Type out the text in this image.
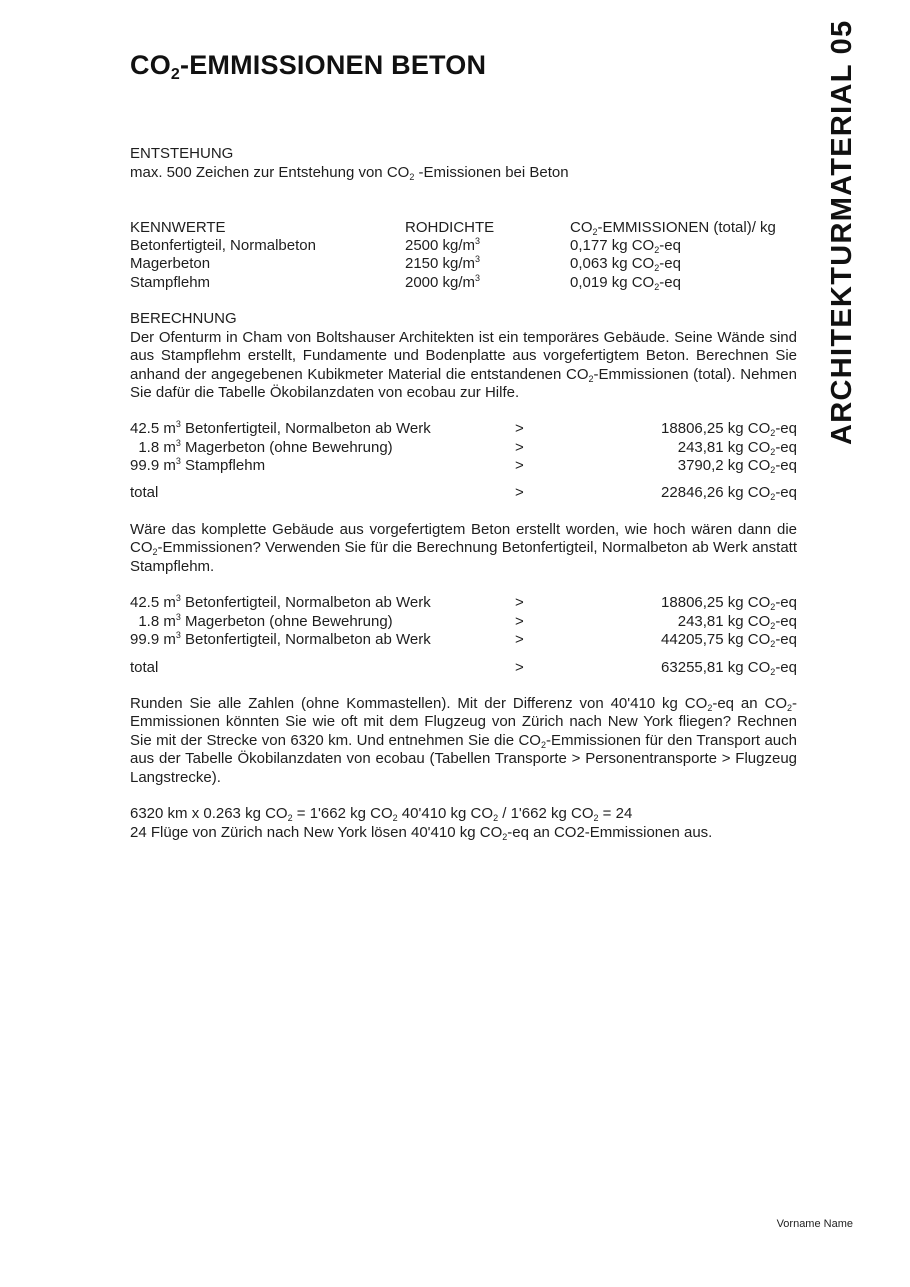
$CO_2$-EMMISSIONEN BETON	ARCHITEKTURMATERIAL 05
ENTSTEHUNG
max. 500 Zeichen zur Entstehung von $CO_2$ -Emissionen bei Beton
KENNWERTE	ROHDICHTE	$CO_2$-EMMISSIONEN (total)/ kg
Betonfertigteil, Normalbeton	2500 $kg/m^3$	0,177 kg $CO_2-eq$
Magerbeton	2150 $kg/m^3$	0,063 kg $CO_2-eq$
Stampflehm	2000 $kg/m^3$	0,019 kg $CO_2-eq$
BERECHNUNG

Der Ofenturm in Cham von Boltshauser Architekten ist ein temporäres Gebäude. Seine Wände sind aus Stampflehm erstellt, Fundamente und Bodenplatte aus vorgefertigtem Beton. Berechnen Sie anhand der angegebenen Kubikmeter Material die entstandenen $CO_2$-Emmissionen (total). Nehmen Sie dafür die Tabelle Ökobilanzdaten von ecobau zur Hilfe.

42.5 $m^3$ Betonfertigteil, Normalbeton ab Werk	>	18806,25 kg $CO_2-eq$
1.8 $m^3$ Magerbeton (ohne Bewehrung)	>	243,81 kg $CO_2-eq$
99.9 $m^3$ Stampflehm	>	3790,2 kg $CO_2-eq$
total	>	22846,26 kg $CO_2-eq$

Wäre das komplette Gebäude aus vorgefertigtem Beton erstellt worden, wie hoch wären dann die $CO_2$-Emmissionen? Verwenden Sie für die Berechnung Betonfertigteil, Normalbeton ab Werk anstatt Stampflehm.

42.5 $m^3$ Betonfertigteil, Normalbeton ab Werk	>	18806,25 kg $CO_2-eq$
1.8 $m^3$ Magerbeton (ohne Bewehrung)	>	243,81 kg $CO_2-eq$
99.9 $m^3$ Betonfertigteil, Normalbeton ab Werk	>	44205,75 kg $CO_2-eq$
total	>	63255,81 kg $CO_2-eq$

Runden Sie alle Zahlen (ohne Kommastellen). Mit der Differenz von 40'410 kg $CO_2-eq$ an $CO_2$-Emmissionen könnten Sie wie oft mit dem Flugzeug von Zürich nach New York fliegen? Rechnen Sie mit der Strecke von 6320 km. Und entnehmen Sie die $CO_2$-Emmissionen für den Transport auch aus der Tabelle Ökobilanzdaten von ecobau (Tabellen Transporte > Personentransporte > Flugzeug Langstrecke).

6320 km x 0.263 kg $CO_2 = 1'662$ kg $CO_2$ 40'410 kg $CO_2 / 1'662$ kg $CO_2 = 24$
24 Flüge von Zürich nach New York lösen 40'410 kg $CO_2-eq$ an CO2-Emmissionen aus.
Vorname Name
